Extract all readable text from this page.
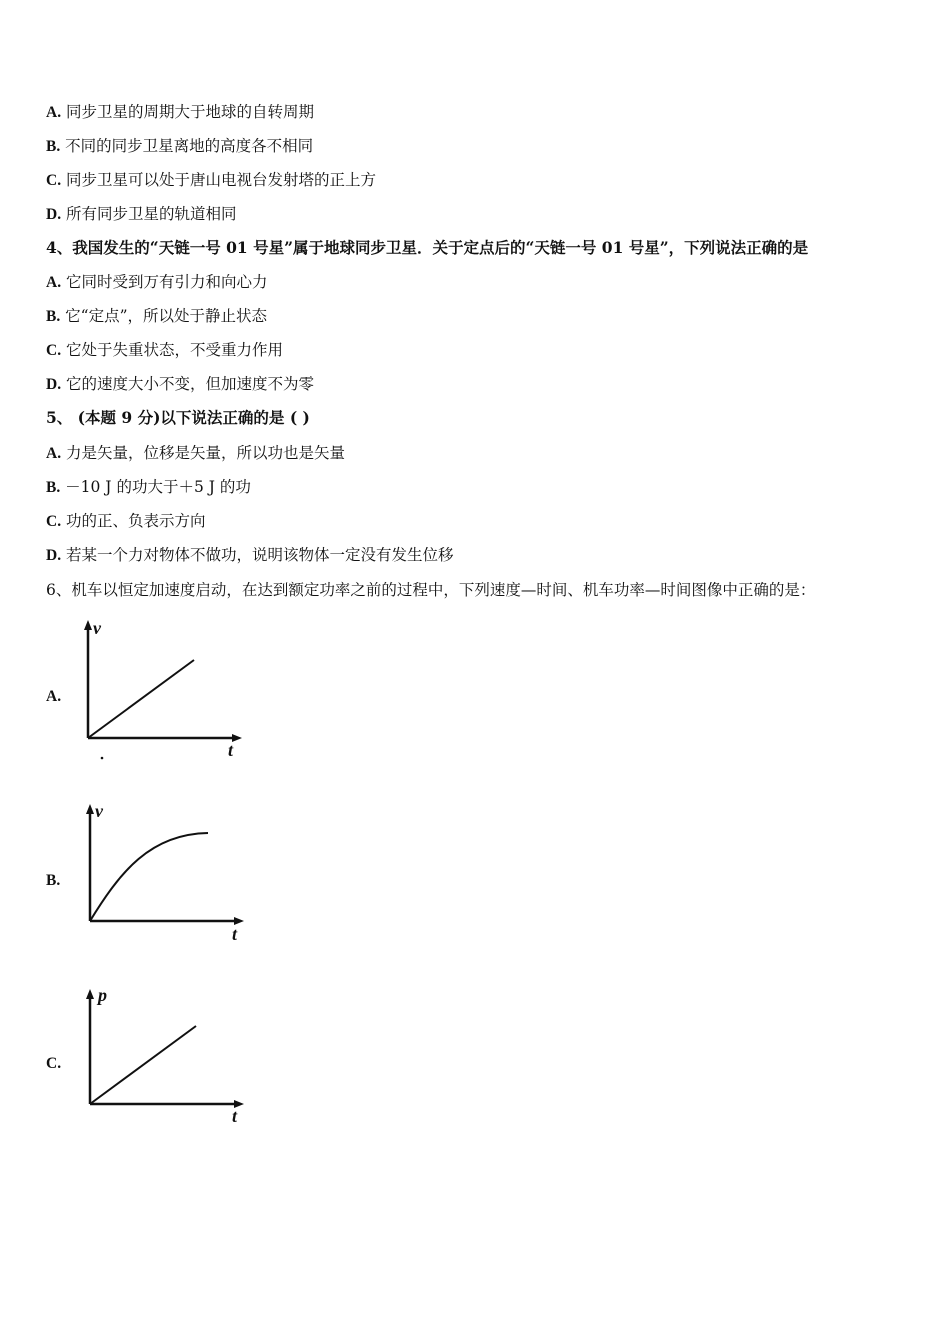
A. 同步卫星的周期大于地球的自转周期
B. 不同的同步卫星离地的高度各不相同
C. 同步卫星可以处于唐山电视台发射塔的正上方
D. 所有同步卫星的轨道相同
4、我国发生的“天链一号 01 号星”属于地球同步卫星．关于定点后的“天链一号 01 号星”，下列说法正确的是
A. 它同时受到万有引力和向心力
B. 它“定点”，所以处于静止状态
C. 它处于失重状态，不受重力作用
D. 它的速度大小不变，但加速度不为零
5、 (本题 9 分)以下说法正确的是 ( )
A. 力是矢量，位移是矢量，所以功也是矢量
B. －10 J 的功大于＋5 J 的功
C. 功的正、负表示方向
D. 若某一个力对物体不做功，说明该物体一定没有发生位移
6、机车以恒定加速度启动，在达到额定功率之前的过程中，下列速度—时间、机车功率—时间图像中正确的是：
A.
v
t
B.
v
t
C.
p
t
